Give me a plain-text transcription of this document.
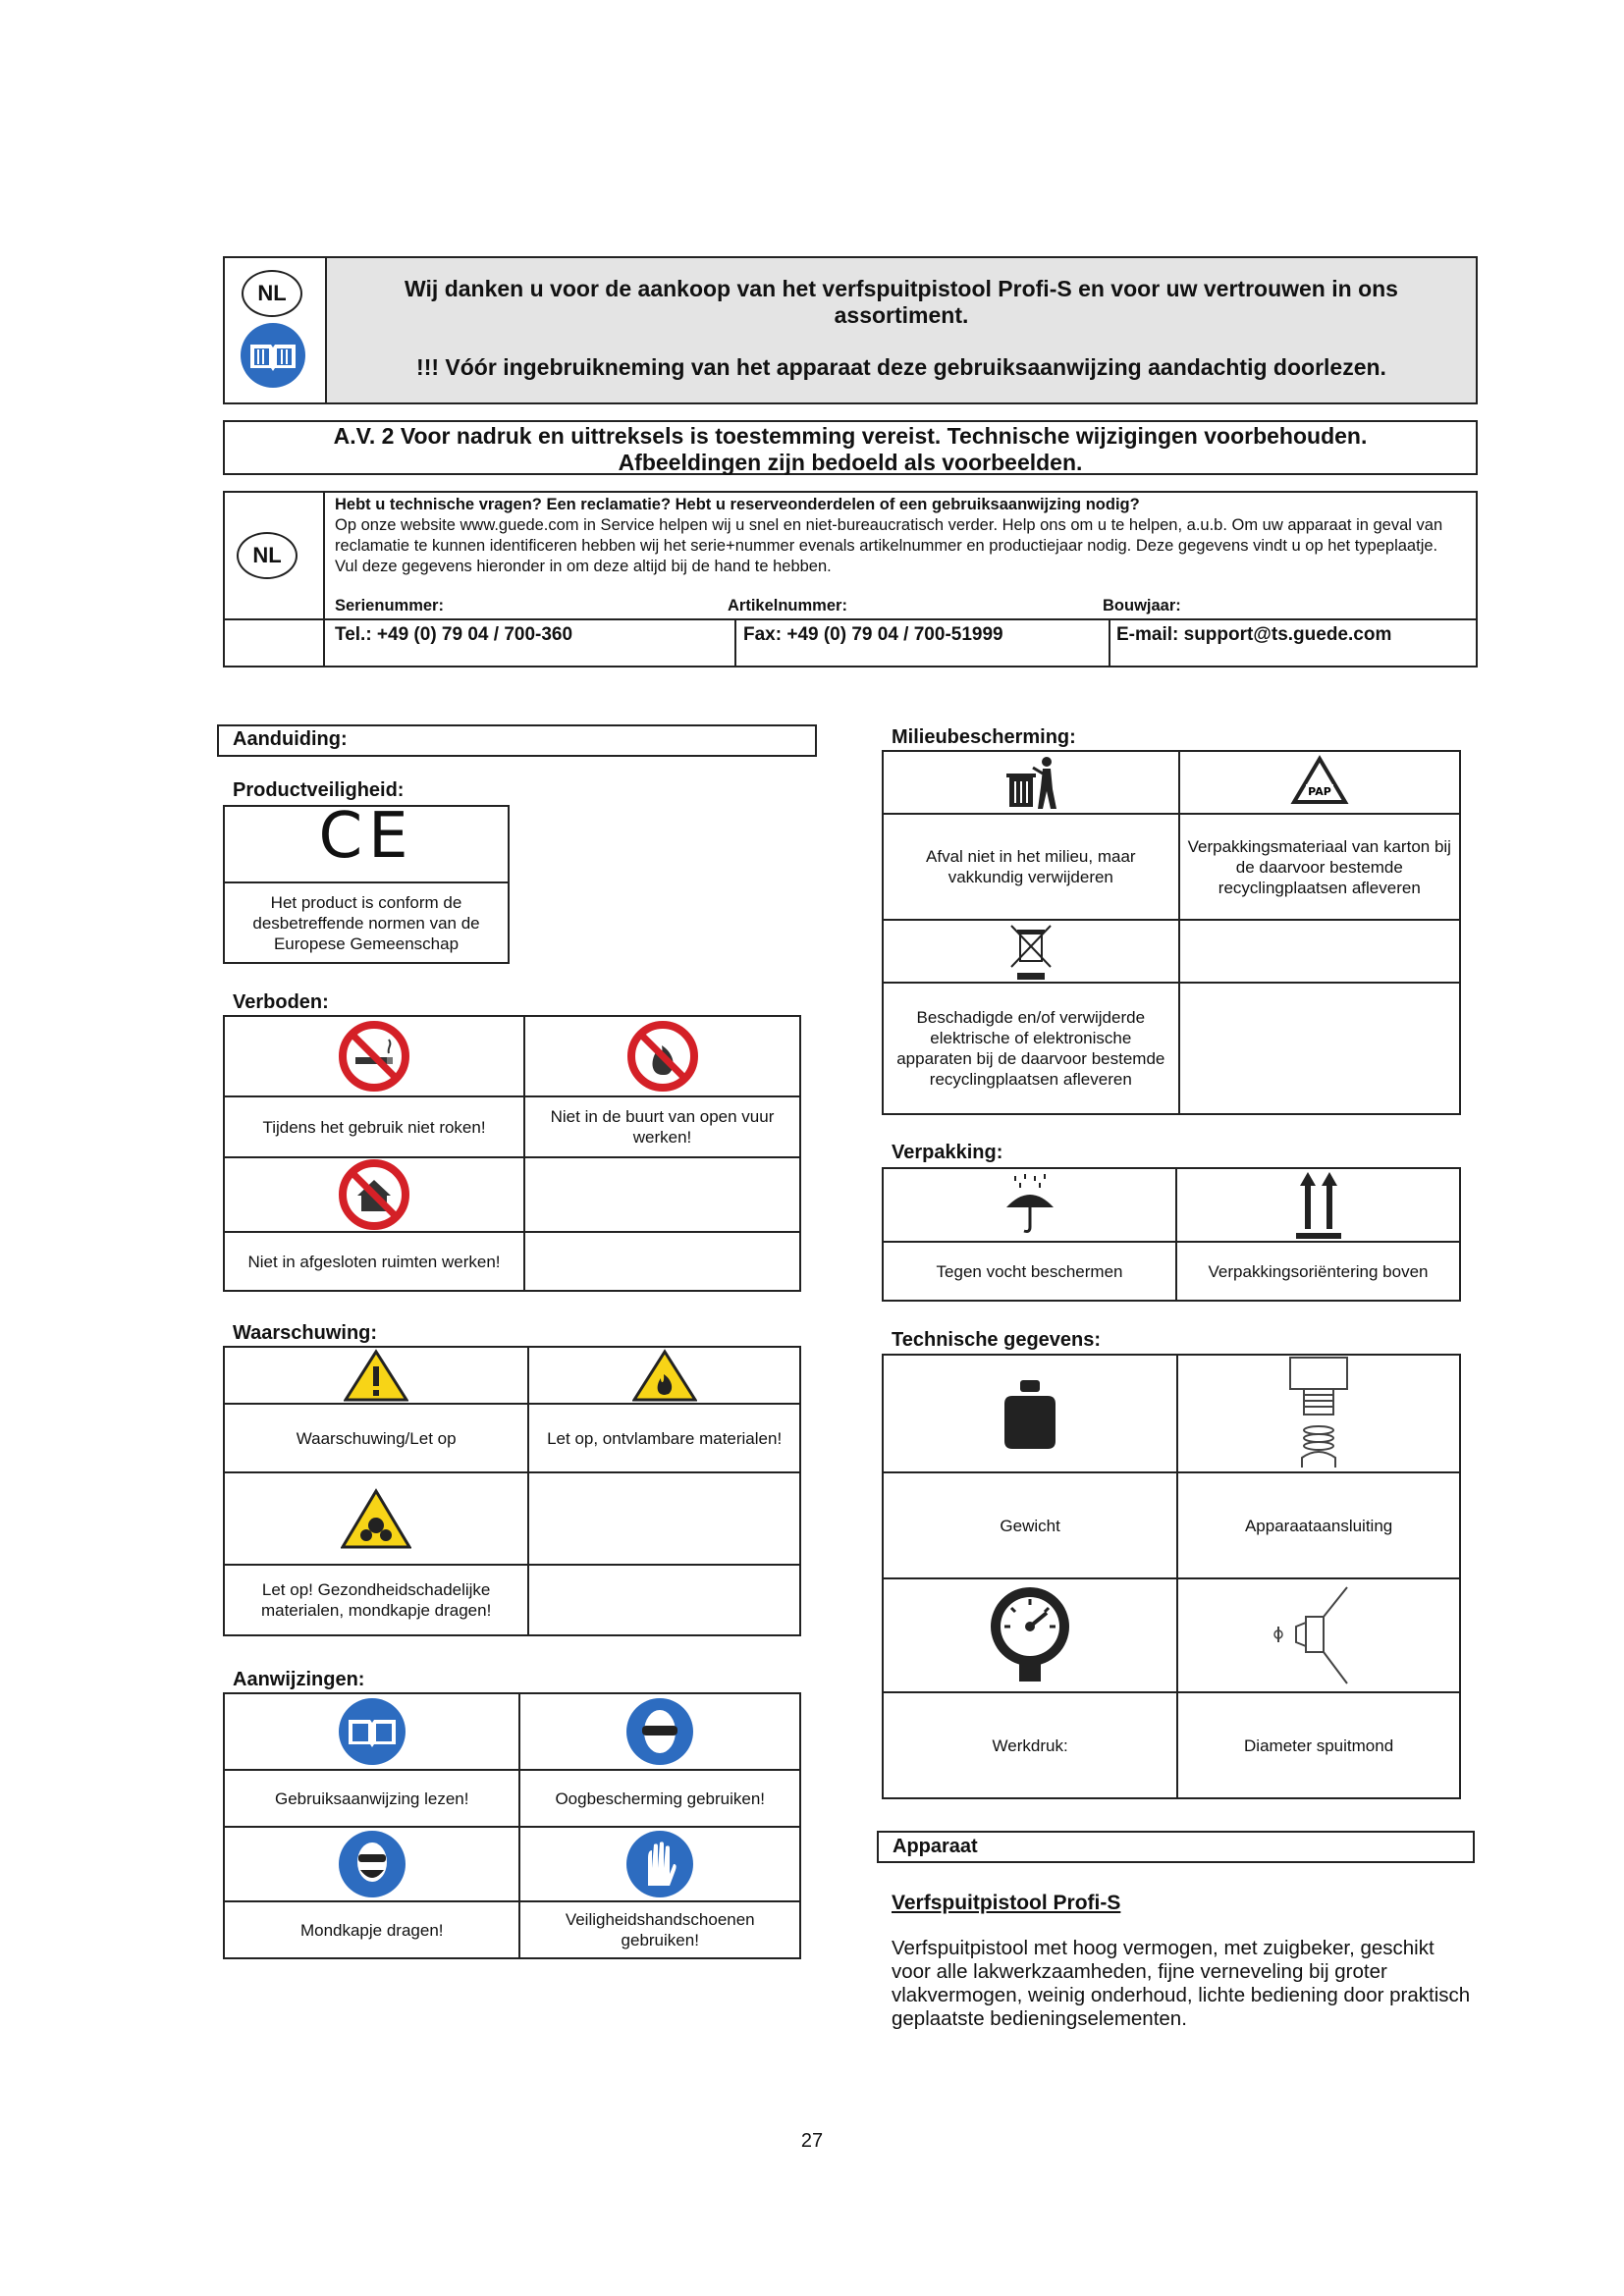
NL	Wij danken u voor de aankoop van het verfspuitpistool Profi-S en voor uw vertrouwen in ons assortiment.
!!! Vóór ingebruikneming van het apparaat deze gebruiksaanwijzing aandachtig doorlezen.
A.V. 2 Voor nadruk en uittreksels is toestemming vereist. Technische wijzigingen voorbehouden.
Afbeeldingen zijn bedoeld als voorbeelden.
NL
Hebt u technische vragen? Een reclamatie? Hebt u reserveonderdelen of een gebruiksaanwijzing nodig?
Op onze website www.guede.com in Service helpen wij u snel en niet-bureaucratisch verder. Help ons om u te helpen, a.u.b. Om uw apparaat in geval van reclamatie te kunnen identificeren hebben wij het serie+nummer evenals artikelnummer en productiejaar nodig. Deze gegevens vindt u op het typeplaatje. Vul deze gegevens hieronder in om deze altijd bij de hand te hebben.
Serienummer:	Artikelnummer:	Bouwjaar:
Tel.: +49 (0) 79 04 / 700-360	Fax: +49 (0) 79 04 / 700-51999	E-mail: support@ts.guede.com
Aanduiding:
Productveiligheid:
CE
Het product is conform de desbetreffende normen van de Europese Gemeenschap
Verboden:

Tijdens het gebruik niet roken!	Niet in de buurt van open vuur werken!

Niet in afgesloten ruimten werken!	
Waarschuwing:

Waarschuwing/Let op	Let op, ontvlambare materialen!

Let op! Gezondheidschadelijke materialen, mondkapje dragen!	
Aanwijzingen:

Gebruiksaanwijzing lezen!	Oogbescherming gebruiken!

Mondkapje dragen!	Veiligheidshandschoenen gebruiken!
Milieubescherming:

PAP

Afval niet in het milieu, maar vakkundig verwijderen	Verpakkingsmateriaal van karton bij de daarvoor bestemde recyclingplaatsen afleveren

Beschadigde en/of verwijderde elektrische of elektronische apparaten bij de daarvoor bestemde recyclingplaatsen afleveren	
Verpakking:

Tegen vocht beschermen	Verpakkingsoriëntering boven
Technische gegevens:

Gewicht	Apparaataansluiting

Werkdruk:	Diameter spuitmond
Apparaat
Verfspuitpistool Profi-S
Verfspuitpistool met hoog vermogen, met zuigbeker, geschikt voor alle lakwerkzaamheden, fijne verneveling bij groter vlakvermogen, weinig onderhoud, lichte bediening door praktisch geplaatste bedieningselementen.
27
